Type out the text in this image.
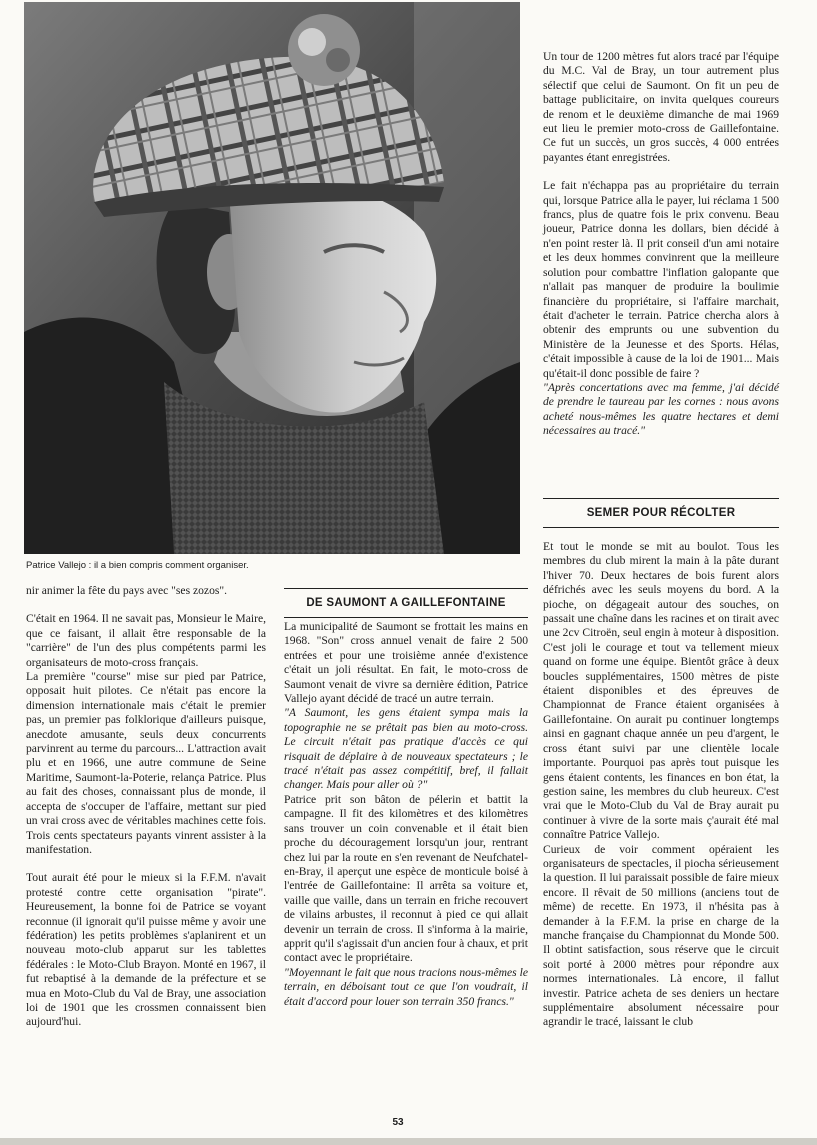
Patrice Vallejo : il a bien compris comment organiser.

nir animer la fête du pays avec "ses zozos".

C'était en 1964. Il ne savait pas, Monsieur le Maire, que ce faisant, il allait être responsable de la "carrière" de l'un des plus compétents parmi les organisateurs de moto-cross français.

La première "course" mise sur pied par Patrice, opposait huit pilotes. Ce n'était pas encore la dimension internationale mais c'était le premier pas, un premier pas folklorique d'ailleurs puisque, anecdote amusante, seuls deux concurrents parvinrent au terme du parcours... L'attraction avait plu et en 1966, une autre commune de Seine Maritime, Saumont-la-Poterie, relança Patrice. Plus au fait des choses, connaissant plus de monde, il accepta de s'occuper de l'affaire, mettant sur pied un vrai cross avec de véritables machines cette fois. Trois cents spectateurs payants vinrent assister à la manifestation.

Tout aurait été pour le mieux si la F.F.M. n'avait protesté contre cette organisation "pirate". Heureusement, la bonne foi de Patrice se voyant reconnue (il ignorait qu'il puisse même y avoir une fédération) les petits problèmes s'aplanirent et un nouveau moto-club apparut sur les tablettes fédérales : le Moto-Club Brayon. Monté en 1967, il fut rebaptisé à la demande de la préfecture et se mua en Moto-Club du Val de Bray, une association loi de 1901 que les crossmen connaissent bien aujourd'hui.

DE SAUMONT A GAILLEFONTAINE

La municipalité de Saumont se frottait les mains en 1968. "Son" cross annuel venait de faire 2 500 entrées et pour une troisième année d'existence c'était un joli résultat. En fait, le moto-cross de Saumont venait de vivre sa dernière édition, Patrice Vallejo ayant décidé de tracé un autre terrain.

"A Saumont, les gens étaient sympa mais la topographie ne se prêtait pas bien au moto-cross. Le circuit n'était pas pratique d'accès ce qui risquait de déplaire à de nouveaux spectateurs ; le tracé n'était pas assez compétitif, bref, il fallait changer. Mais pour aller où ?"

Patrice prit son bâton de pélerin et battit la campagne. Il fit des kilomètres et des kilomètres sans trouver un coin convenable et il était bien proche du découragement lorsqu'un jour, rentrant chez lui par la route en s'en revenant de Neufchatel-en-Bray, il aperçut une espèce de monticule boisé à l'entrée de Gaillefontaine: Il arrêta sa voiture et, vaille que vaille, dans un terrain en friche recouvert de vilains arbustes, il reconnut à pied ce qui allait devenir un terrain de cross. Il s'informa à la mairie, apprit qu'il s'agissait d'un ancien four à chaux, et prit contact avec le propriétaire.

"Moyennant le fait que nous tracions nous-mêmes le terrain, en déboisant tout ce que l'on voudrait, il était d'accord pour louer son terrain 350 francs."

Un tour de 1200 mètres fut alors tracé par l'équipe du M.C. Val de Bray, un tour autrement plus sélectif que celui de Saumont. On fit un peu de battage publicitaire, on invita quelques coureurs de renom et le deuxième dimanche de mai 1969 eut lieu le premier moto-cross de Gaillefontaine. Ce fut un succès, un gros succès, 4 000 entrées payantes étant enregistrées.

Le fait n'échappa pas au propriétaire du terrain qui, lorsque Patrice alla le payer, lui réclama 1 500 francs, plus de quatre fois le prix convenu. Beau joueur, Patrice donna les dollars, bien décidé à n'en point rester là. Il prit conseil d'un ami notaire et les deux hommes convinrent que la meilleure solution pour combattre l'inflation galopante que n'allait pas manquer de produire la boulimie financière du propriétaire, si l'affaire marchait, était d'acheter le terrain. Patrice chercha alors à obtenir des emprunts ou une subvention du Ministère de la Jeunesse et des Sports. Hélas, c'était impossible à cause de la loi de 1901... Mais qu'était-il donc possible de faire ?

"Après concertations avec ma femme, j'ai décidé de prendre le taureau par les cornes : nous avons acheté nous-mêmes les quatre hectares et demi nécessaires au tracé."

SEMER POUR RÉCOLTER

Et tout le monde se mit au boulot. Tous les membres du club mirent la main à la pâte durant l'hiver 70. Deux hectares de bois furent alors défrichés avec les seuls moyens du bord. A la pioche, on dégageait autour des souches, on passait une chaîne dans les racines et on tirait avec une 2cv Citroën, seul engin à moteur à disposition. C'est joli le courage et tout va tellement mieux quand on forme une équipe. Bientôt grâce à deux boucles supplémentaires, 1500 mètres de piste étaient disponibles et des épreuves de Championnat de France étaient organisées à Gaillefontaine. On aurait pu continuer longtemps ainsi en gagnant chaque année un peu d'argent, le cross étant suivi par une clientèle locale importante. Pourquoi pas après tout puisque les gens étaient contents, les finances en bon état, la gestion saine, les membres du club heureux. C'est vrai que le Moto-Club du Val de Bray aurait pu continuer à vivre de la sorte mais ç'aurait été mal connaître Patrice Vallejo.

Curieux de voir comment opéraient les organisateurs de spectacles, il piocha sérieusement la question. Il lui paraissait possible de faire mieux encore. Il rêvait de 50 millions (anciens tout de même) de recette. En 1973, il n'hésita pas à demander à la F.F.M. la prise en charge de la manche française du Championnat du Monde 500. Il obtint satisfaction, sous réserve que le circuit soit porté à 2000 mètres pour répondre aux normes internationales. Là encore, il fallut investir. Patrice acheta de ses deniers un hectare supplémentaire absolument nécessaire pour agrandir le tracé, laissant le club

53
